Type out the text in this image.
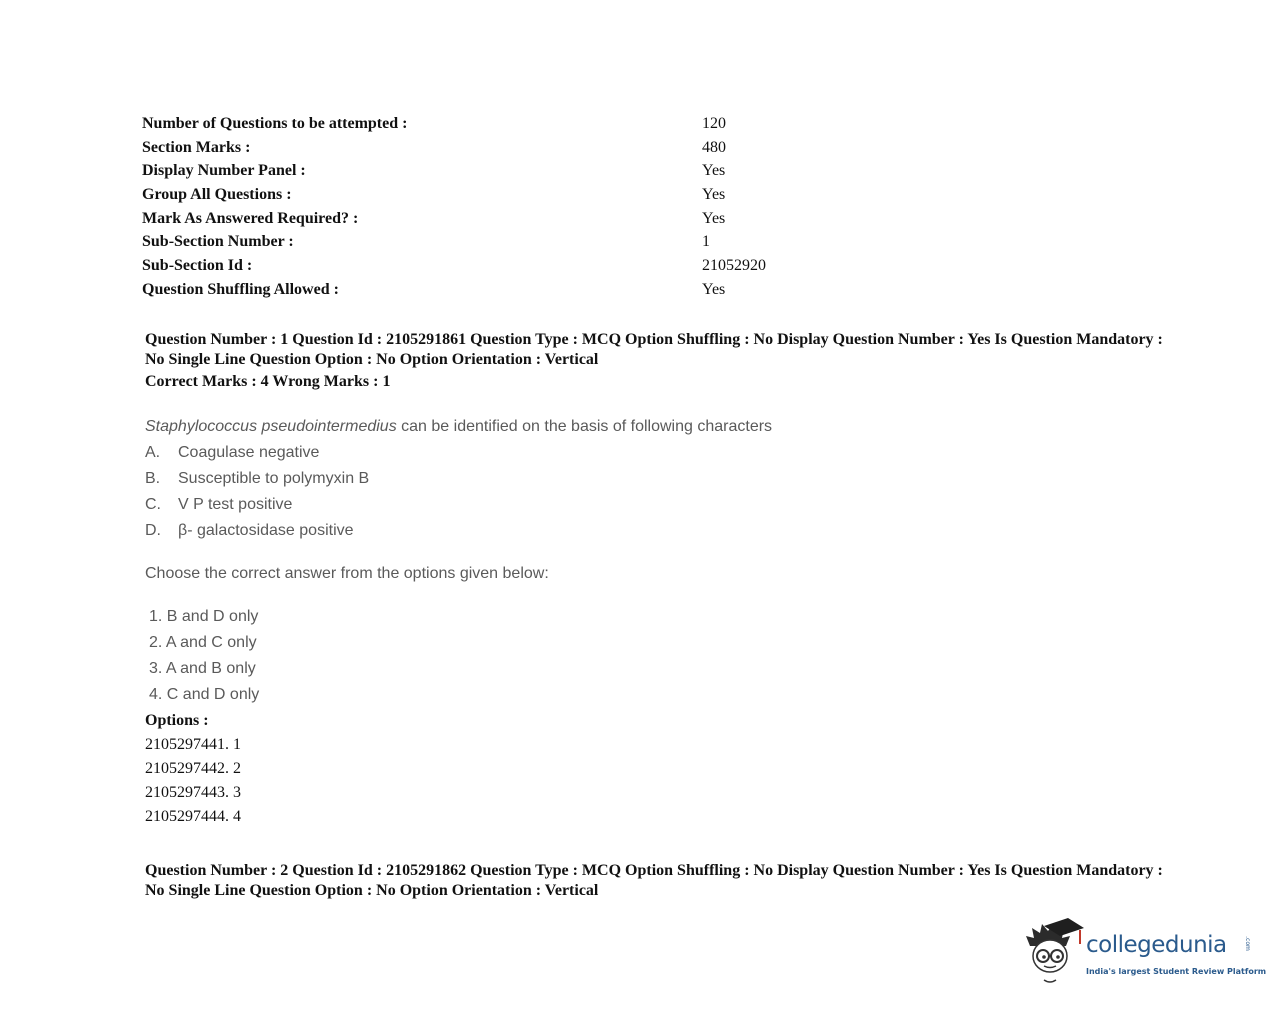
Number of Questions to be attempted :	120
Section Marks :	480
Display Number Panel :	Yes
Group All Questions :	Yes
Mark As Answered Required? :	Yes
Sub-Section Number :	1
Sub-Section Id :	21052920
Question Shuffling Allowed :	Yes
Question Number : 1 Question Id : 2105291861 Question Type : MCQ Option Shuffling : No Display Question Number : Yes Is Question Mandatory : No Single Line Question Option : No Option Orientation : Vertical
Correct Marks : 4 Wrong Marks : 1
Staphylococcus pseudointermedius can be identified on the basis of following characters
A. Coagulase negative
B. Susceptible to polymyxin B
C. V P test positive
D. β- galactosidase positive
Choose the correct answer from the options given below:
1. B and D only
2. A and C only
3. A and B only
4. C and D only
Options :
2105297441. 1
2105297442. 2
2105297443. 3
2105297444. 4
Question Number : 2 Question Id : 2105291862 Question Type : MCQ Option Shuffling : No Display Question Number : Yes Is Question Mandatory : No Single Line Question Option : No Option Orientation : Vertical
collegedunia	.com
India's largest Student Review Platform
